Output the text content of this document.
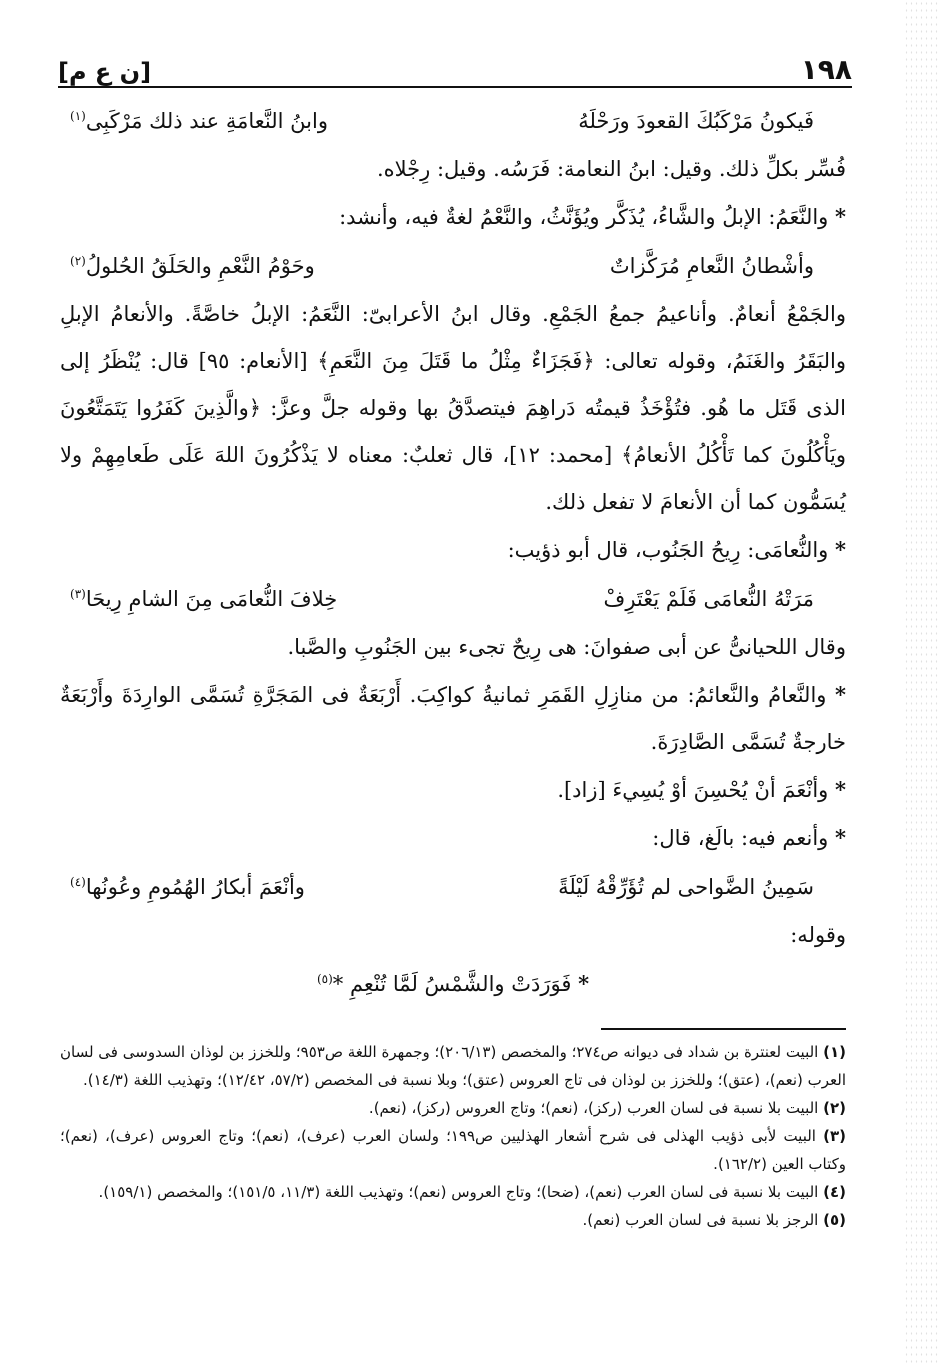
١٩٨
[ن ع م]
فَيكونُ مَرْكَبُكَ القعودَ ورَحْلَهُ
وابنُ النَّعامَةِ عند ذلك مَرْكَبِى$^{(١)}$

فُسِّر بكلِّ ذلك. وقيل: ابنُ النعامة: فَرَسُه. وقيل: رِجْلاه.

* والنَّعَمُ: الإبلُ والشَّاءُ، يُذَكَّر ويُؤَنَّثُ، والنَّعْمُ لغةٌ فيه، وأنشد:

وأشْطانُ النَّعامِ مُرَكَّزاتٌ
وحَوْمُ النَّعْمِ والحَلَقُ الحُلولُ$^{(٢)}$

والجَمْعُ أنعامٌ. وأناعيمُ جمعُ الجَمْعِ. وقال ابنُ الأعرابىّ: النَّعَمُ: الإبلُ خاصَّةً. والأنعامُ الإبلِ والبَقَرُ والغَنَمُ، وقوله تعالى: ﴿فَجَزَاءٌ مِثْلُ ما قَتَلَ مِنَ النَّعَمِ﴾ [الأنعام: ٩٥] قال: يُنْظَرُ إلى الذى قَتَل ما هُو. فتُؤْخَذُ قيمتُه دَراهِمَ فيتصدَّقُ بها وقوله جلَّ وعزَّ: ﴿والَّذِينَ كَفَرُوا يَتَمَتَّعُونَ ويَأْكُلُونَ كما تَأْكُلُ الأنعامُ﴾ [محمد: ١٢]، قال ثعلبٌ: معناه لا يَذْكُرُونَ اللهَ عَلَى طَعامِهِمْ ولا يُسَمُّون كما أن الأنعامَ لا تفعل ذلك.

* والنُّعامَى: رِيحُ الجَنُوب، قال أبو ذؤيب:

مَرَتْهُ النُّعامَى فَلَمْ يَعْتَرِفْ
خِلافَ النُّعامَى مِنَ الشامِ رِيحَا$^{(٣)}$

وقال اللحيانىُّ عن أبى صفوانَ: هى رِيحٌ تجىء بين الجَنُوبِ والصَّبا.

* والنَّعامُ والنَّعائمُ: من منازِلِ القَمَرِ ثمانيةُ كواكِبَ. أَرْبَعَةٌ فى المَجَرَّةِ تُسَمَّى الوارِدَةَ وأَرْبَعَةٌ خارجةٌ تُسَمَّى الصَّادِرَةَ.

* وأنْعَمَ أنْ يُحْسِنَ أوْ يُسِيءَ [زاد].

* وأنعم فيه: بالَغ، قال:

سَمِينُ الضَّواحى لم تُؤَرِّقْهُ لَيْلَةً
وأنْعَمَ أبكارُ الهُمُومِ وعُونُها$^{(٤)}$

وقوله:

* فَوَرَدَتْ والشَّمْسُ لَمَّا تُنْعِمِ *$^{(٥)}$

(١) البيت لعنترة بن شداد فى ديوانه ص٢٧٤؛ والمخصص (٢٠٦/١٣)؛ وجمهرة اللغة ص٩٥٣؛ وللخزز بن لوذان السدوسى فى لسان العرب (نعم)، (عتق)؛ وللخزز بن لوذان فى تاج العروس (عتق)؛ وبلا نسبة فى المخصص (٥٧/٢، ١٢/٤٢)؛ وتهذيب اللغة (١٤/٣).

(٢) البيت بلا نسبة فى لسان العرب (ركز)، (نعم)؛ وتاج العروس (ركز)، (نعم).

(٣) البيت لأبى ذؤيب الهذلى فى شرح أشعار الهذليين ص١٩٩؛ ولسان العرب (عرف)، (نعم)؛ وتاج العروس (عرف)، (نعم)؛ وكتاب العين (١٦٢/٢).

(٤) البيت بلا نسبة فى لسان العرب (نعم)، (ضحا)؛ وتاج العروس (نعم)؛ وتهذيب اللغة (١١/٣، ١٥١/٥)؛ والمخصص (١٥٩/١).

(٥) الرجز بلا نسبة فى لسان العرب (نعم).
